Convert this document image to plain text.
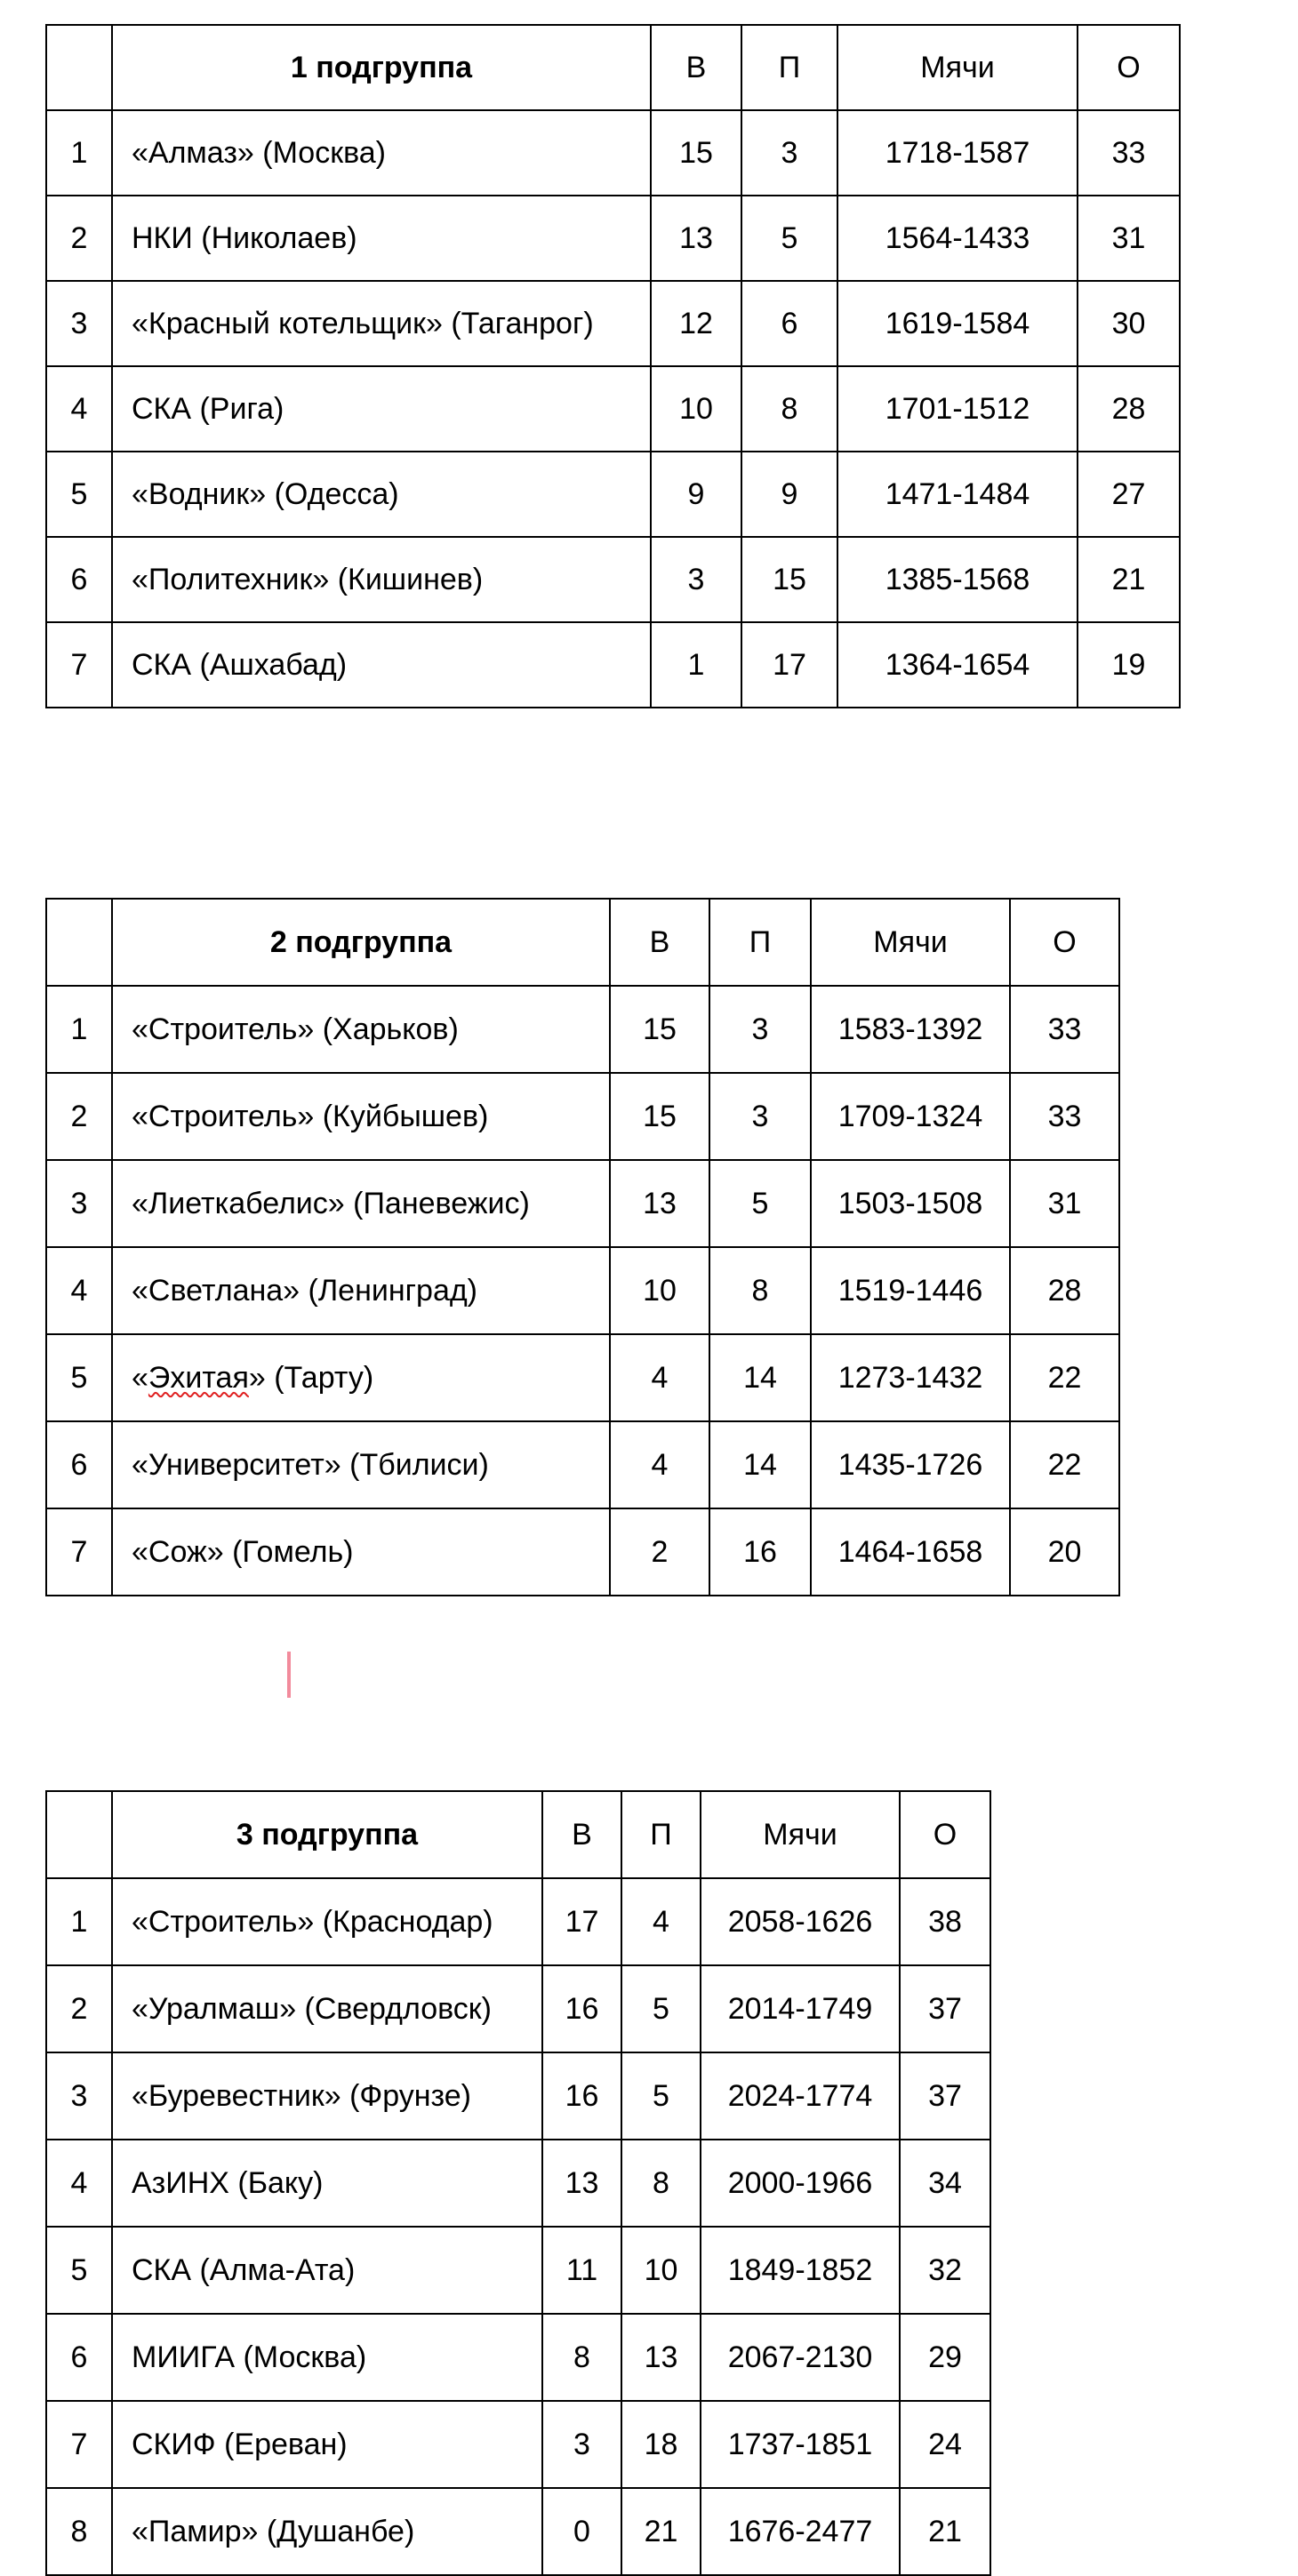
	1 подгруппа	В	П	Мячи	О
1	«Алмаз» (Москва)	15	3	1718-1587	33
2	НКИ (Николаев)	13	5	1564-1433	31
3	«Красный котельщик» (Таганрог)	12	6	1619-1584	30
4	СКА (Рига)	10	8	1701-1512	28
5	«Водник» (Одесса)	9	9	1471-1484	27
6	«Политехник» (Кишинев)	3	15	1385-1568	21
7	СКА (Ашхабад)	1	17	1364-1654	19
	2 подгруппа	В	П	Мячи	О
1	«Строитель» (Харьков)	15	3	1583-1392	33
2	«Строитель» (Куйбышев)	15	3	1709-1324	33
3	«Лиеткабелис» (Паневежис)	13	5	1503-1508	31
4	«Светлана» (Ленинград)	10	8	1519-1446	28
5	«Эхитая» (Тарту)	4	14	1273-1432	22
6	«Университет» (Тбилиси)	4	14	1435-1726	22
7	«Сож» (Гомель)	2	16	1464-1658	20
	3 подгруппа	В	П	Мячи	О
1	«Строитель» (Краснодар)	17	4	2058-1626	38
2	«Уралмаш» (Свердловск)	16	5	2014-1749	37
3	«Буревестник» (Фрунзе)	16	5	2024-1774	37
4	АзИНХ (Баку)	13	8	2000-1966	34
5	СКА (Алма-Ата)	11	10	1849-1852	32
6	МИИГА (Москва)	8	13	2067-2130	29
7	СКИФ (Ереван)	3	18	1737-1851	24
8	«Памир» (Душанбе)	0	21	1676-2477	21
